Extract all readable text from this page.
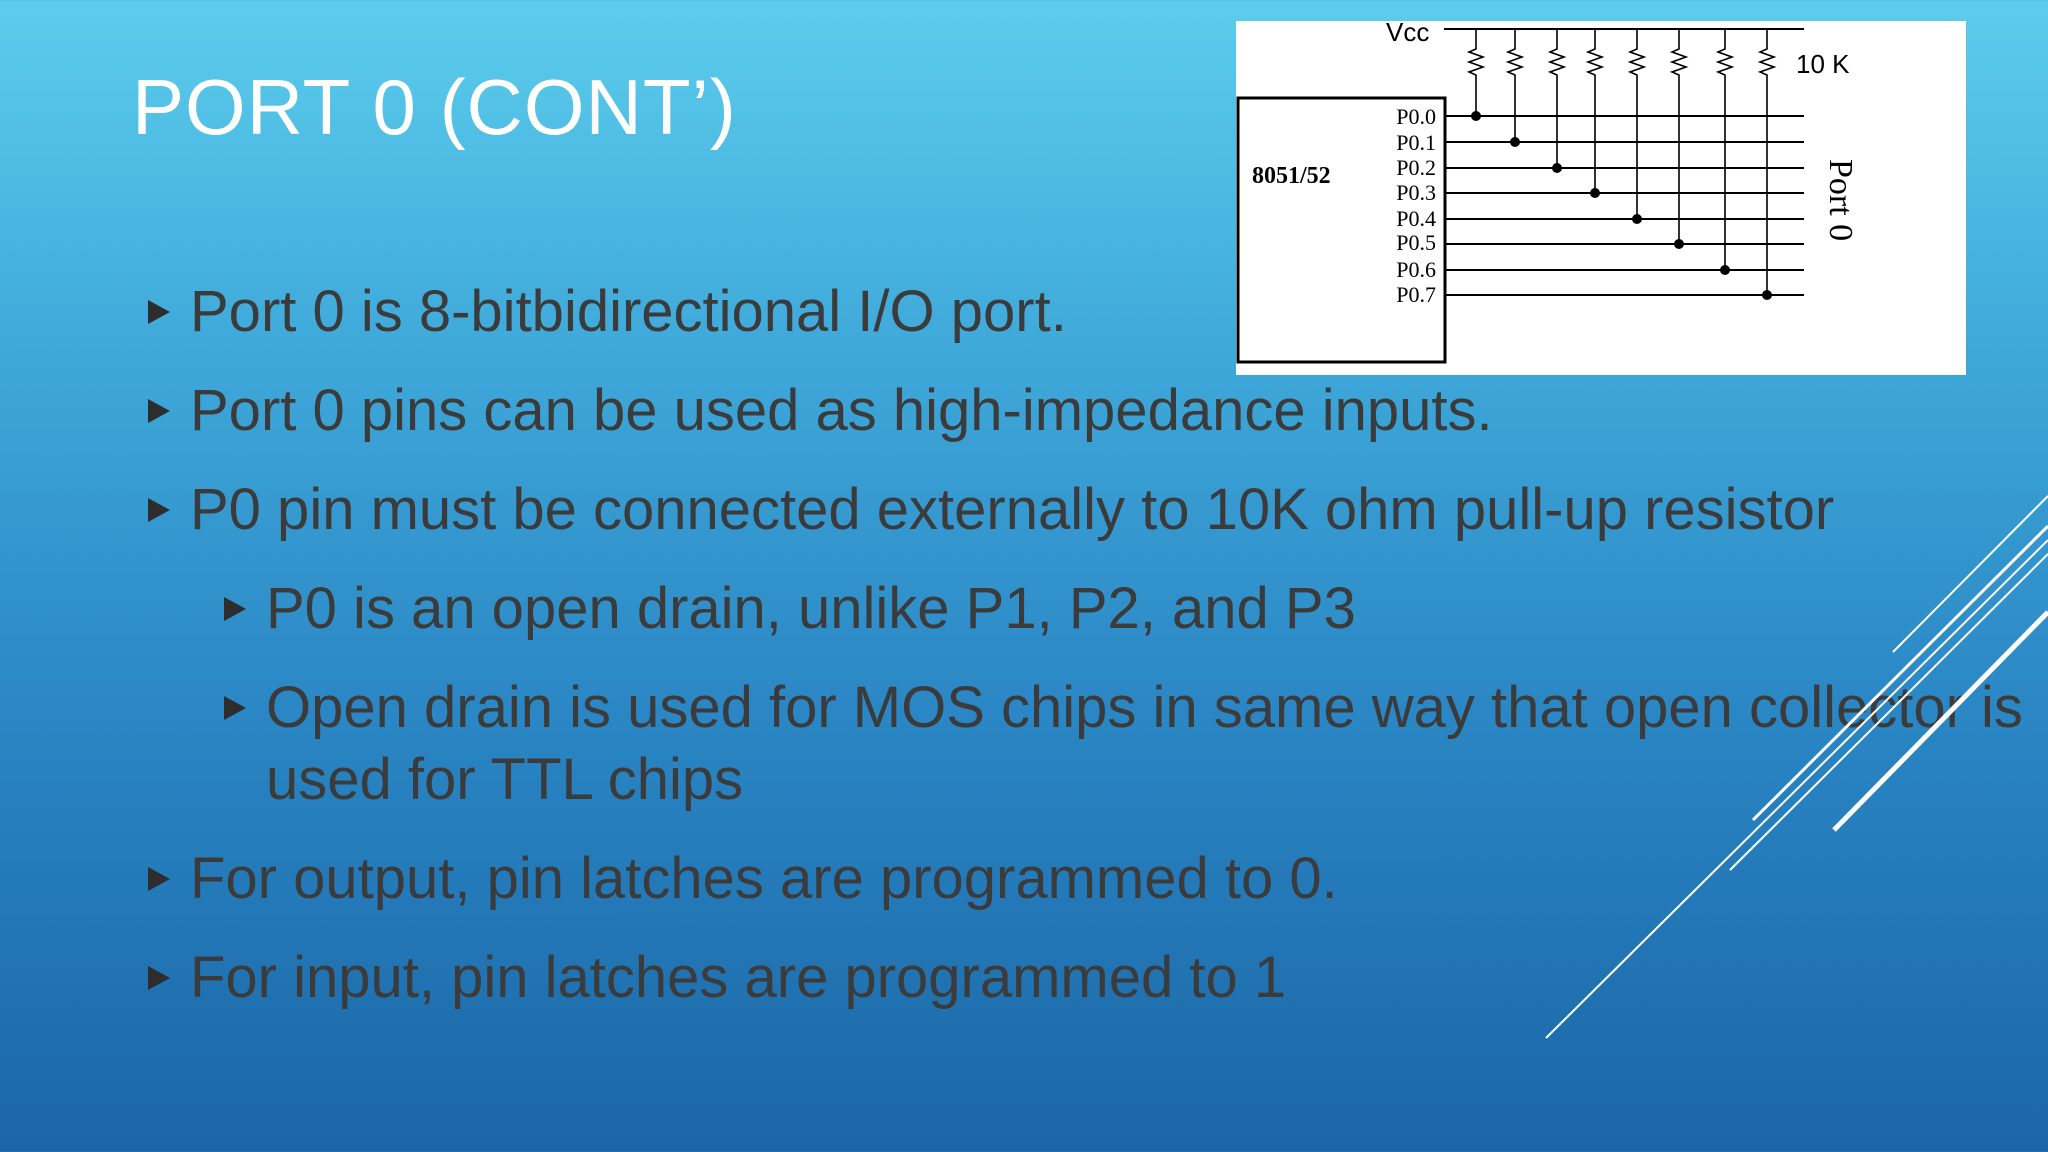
PORT 0 (CONT’)
Port 0 is 8-bitbidirectional I/O port.
Port 0 pins can be used as high-impedance inputs.
P0 pin must be connected externally to 10K ohm pull-up resistor
P0 is an open drain, unlike P1, P2, and P3
Open drain is used for MOS chips in same way that open collector is used for TTL chips
For output, pin latches are programmed to 0.
For input, pin latches are programmed to 1
Vcc
10 K
8051/52
P0.0
P0.1
P0.2
P0.3
P0.4
P0.5
P0.6
P0.7
Port 0
